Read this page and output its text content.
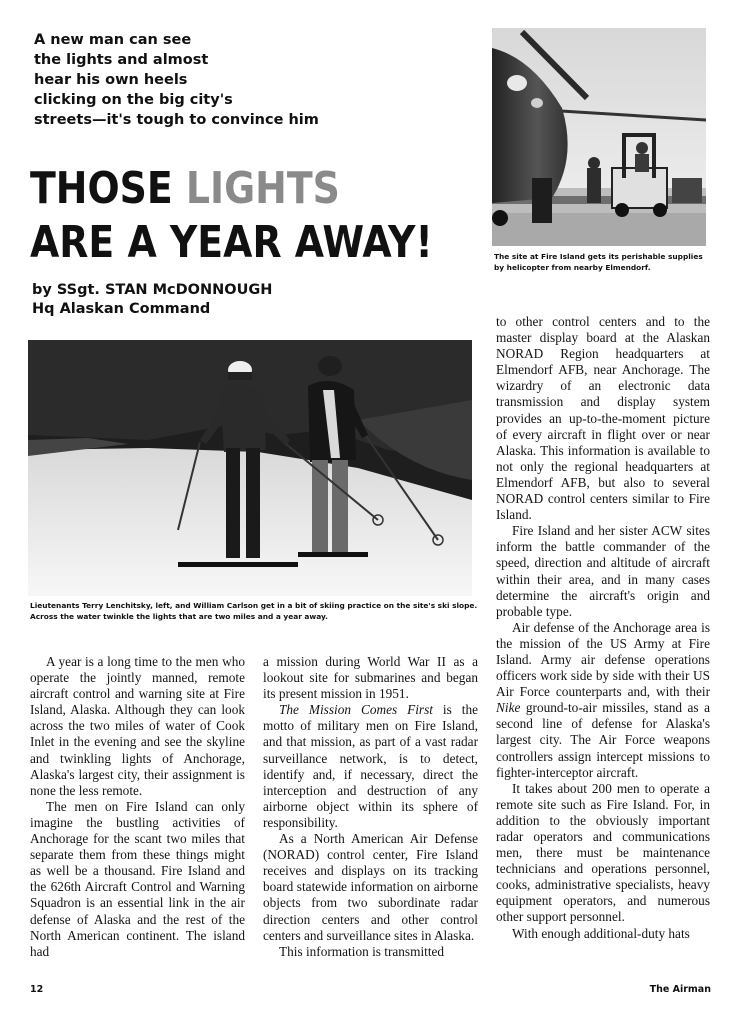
A new man can see
the lights and almost
hear his own heels
clicking on the big city's
streets—it's tough to convince him
THOSE LIGHTS
ARE A YEAR AWAY!
by SSgt. STAN McDONNOUGH
Hq Alaskan Command
The site at Fire Island gets its perishable supplies by helicopter from nearby Elmendorf.
Lieutenants Terry Lenchitsky, left, and William Carlson get in a bit of skiing practice on the site's ski slope. Across the water twinkle the lights that are two miles and a year away.

to other control centers and to the master display board at the Alaskan NORAD Region headquarters at Elmendorf AFB, near Anchorage. The wizardry of an electronic data transmission and display system provides an up-to-the-moment picture of every aircraft in flight over or near Alaska. This information is available to not only the regional headquarters at Elmendorf AFB, but also to several NORAD control centers similar to Fire Island.

Fire Island and her sister ACW sites inform the battle commander of the speed, direction and altitude of aircraft within their area, and in many cases determine the aircraft's origin and probable type.

Air defense of the Anchorage area is the mission of the US Army at Fire Island. Army air defense operations officers work side by side with their US Air Force counterparts and, with their Nike ground-to-air missiles, stand as a second line of defense for Alaska's largest city. The Air Force weapons controllers assign intercept missions to fighter-interceptor aircraft.

It takes about 200 men to operate a remote site such as Fire Island. For, in addition to the obviously important radar operators and communications men, there must be maintenance technicians and operations personnel, cooks, administrative specialists, heavy equipment operators, and numerous other support personnel.

With enough additional-duty hats

A year is a long time to the men who operate the jointly manned, remote aircraft control and warning site at Fire Island, Alaska. Although they can look across the two miles of water of Cook Inlet in the evening and see the skyline and twinkling lights of Anchorage, Alaska's largest city, their assignment is none the less remote.

The men on Fire Island can only imagine the bustling activities of Anchorage for the scant two miles that separate them from these things might as well be a thousand. Fire Island and the 626th Aircraft Control and Warning Squadron is an essential link in the air defense of Alaska and the rest of the North American continent. The island had

a mission during World War II as a lookout site for submarines and began its present mission in 1951.

The Mission Comes First is the motto of military men on Fire Island, and that mission, as part of a vast radar surveillance network, is to detect, identify and, if necessary, direct the interception and destruction of any airborne object within its sphere of responsibility.

As a North American Air Defense (NORAD) control center, Fire Island receives and displays on its tracking board statewide information on airborne objects from two subordinate radar direction centers and other control centers and surveillance sites in Alaska.

This information is transmitted

12	The Airman
